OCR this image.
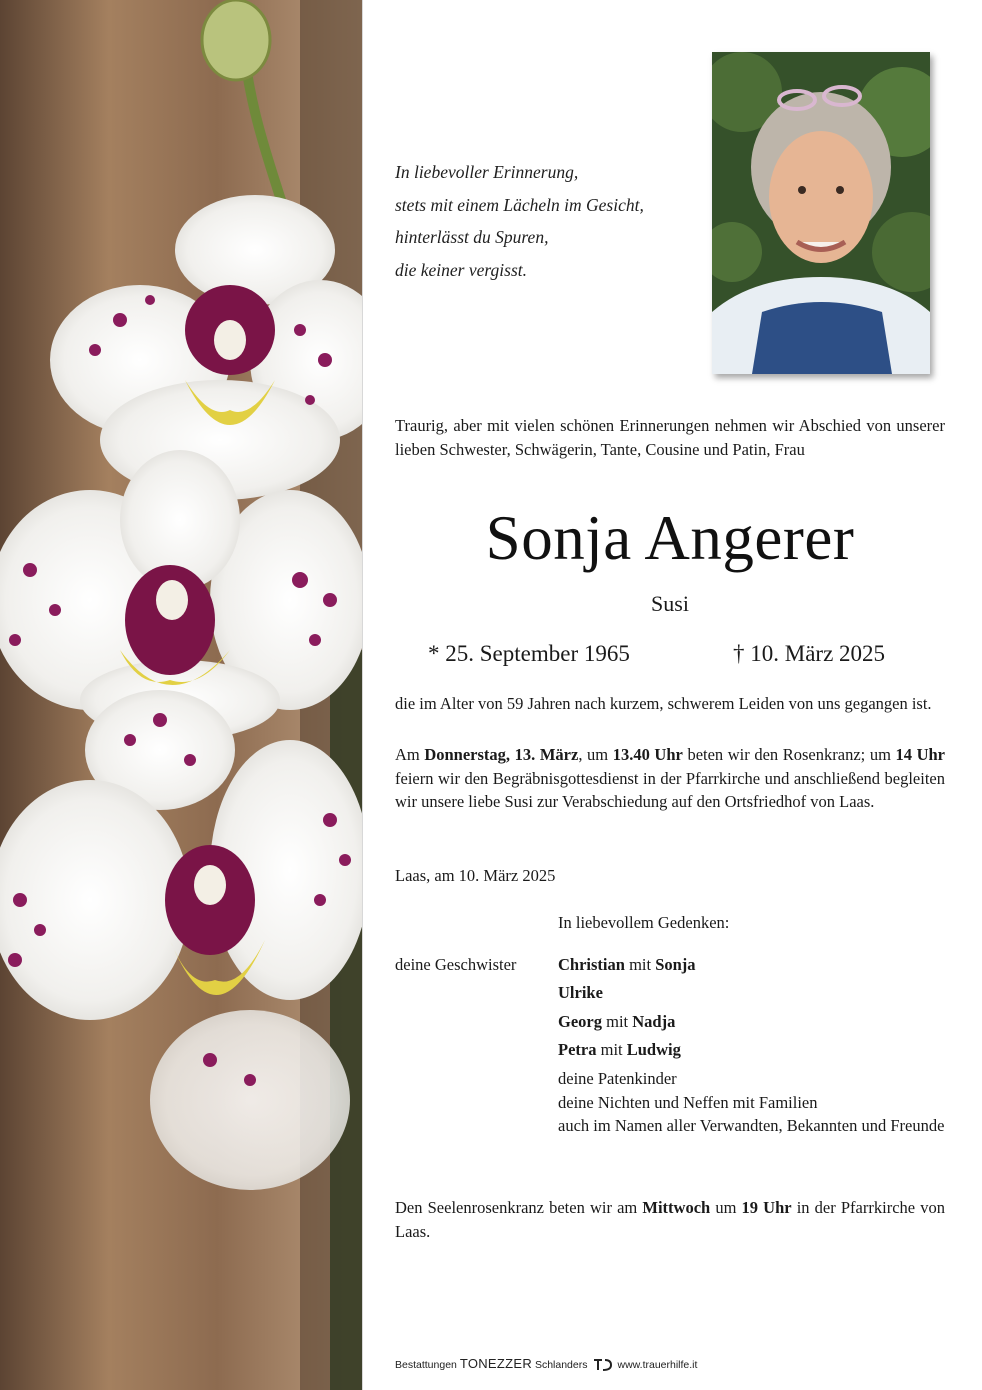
In liebevoller Erinnerung,
stets mit einem Lächeln im Gesicht,
hinterlässt du Spuren,
die keiner vergisst.
Traurig, aber mit vielen schönen Erinnerungen nehmen wir Abschied von unserer lieben Schwester, Schwägerin, Tante, Cousine und Patin, Frau
Sonja Angerer
Susi
* 25. September 1965	† 10. März 2025
die im Alter von 59 Jahren nach kurzem, schwerem Leiden von uns gegangen ist.
Am Donnerstag, 13. März, um 13.40 Uhr beten wir den Rosenkranz; um 14 Uhr feiern wir den Begräbnisgottesdienst in der Pfarrkirche und anschließend begleiten wir unsere liebe Susi zur Verabschiedung auf den Ortsfriedhof von Laas.
Laas, am 10. März 2025
In liebevollem Gedenken:
deine Geschwister	Christian mit Sonja
Ulrike
Georg mit Nadja
Petra mit Ludwig
deine Patenkinder
deine Nichten und Neffen mit Familien
auch im Namen aller Verwandten, Bekannten und Freunde
Den Seelenrosenkranz beten wir am Mittwoch um 19 Uhr in der Pfarrkirche von Laas.
Bestattungen TONEZZER Schlanders	www.trauerhilfe.it
